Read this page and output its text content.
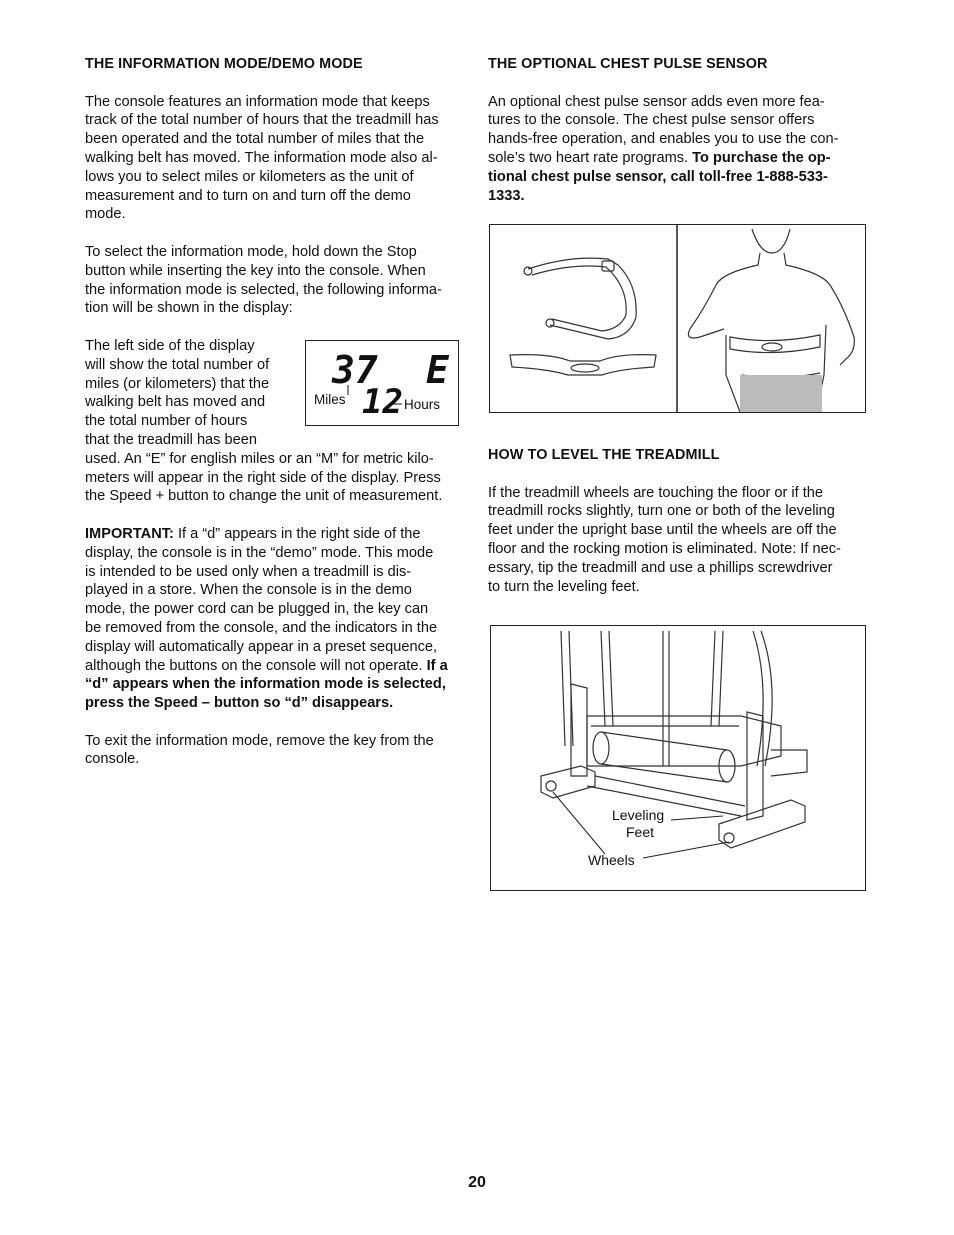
THE INFORMATION MODE/DEMO MODE

The console features an information mode that keeps
track of the total number of hours that the treadmill has
been operated and the total number of miles that the
walking belt has moved. The information mode also al-
lows you to select miles or kilometers as the unit of
measurement and to turn on and turn off the demo
mode.

To select the information mode, hold down the Stop
button while inserting the key into the console. When
the information mode is selected, the following informa-
tion will be shown in the display:

The left side of the display
will show the total number of
miles (or kilometers) that the
walking belt has moved and
the total number of hours
that the treadmill has been

used. An “E” for english miles or an “M” for metric kilo-
meters will appear in the right side of the display. Press
the Speed + button to change the unit of measurement.

IMPORTANT: If a “d” appears in the right side of the
display, the console is in the “demo” mode. This mode
is intended to be used only when a treadmill is dis-
played in a store. When the console is in the demo
mode, the power cord can be plugged in, the key can
be removed from the console, and the indicators in the
display will automatically appear in a preset sequence,
although the buttons on the console will not operate. If a
“d” appears when the information mode is selected,
press the Speed – button so “d” disappears.

To exit the information mode, remove the key from the
console.

37 E
12
Miles	Hours

THE OPTIONAL CHEST PULSE SENSOR

An optional chest pulse sensor adds even more fea-
tures to the console. The chest pulse sensor offers
hands-free operation, and enables you to use the con-
sole’s two heart rate programs. To purchase the op-
tional chest pulse sensor, call toll-free 1-888-533-
1333.

HOW TO LEVEL THE TREADMILL

If the treadmill wheels are touching the floor or if the
treadmill rocks slightly, turn one or both of the leveling
feet under the upright base until the wheels are off the
floor and the rocking motion is eliminated. Note: If nec-
essary, tip the treadmill and use a phillips screwdriver
to turn the leveling feet.

Leveling
Feet
Wheels
20
